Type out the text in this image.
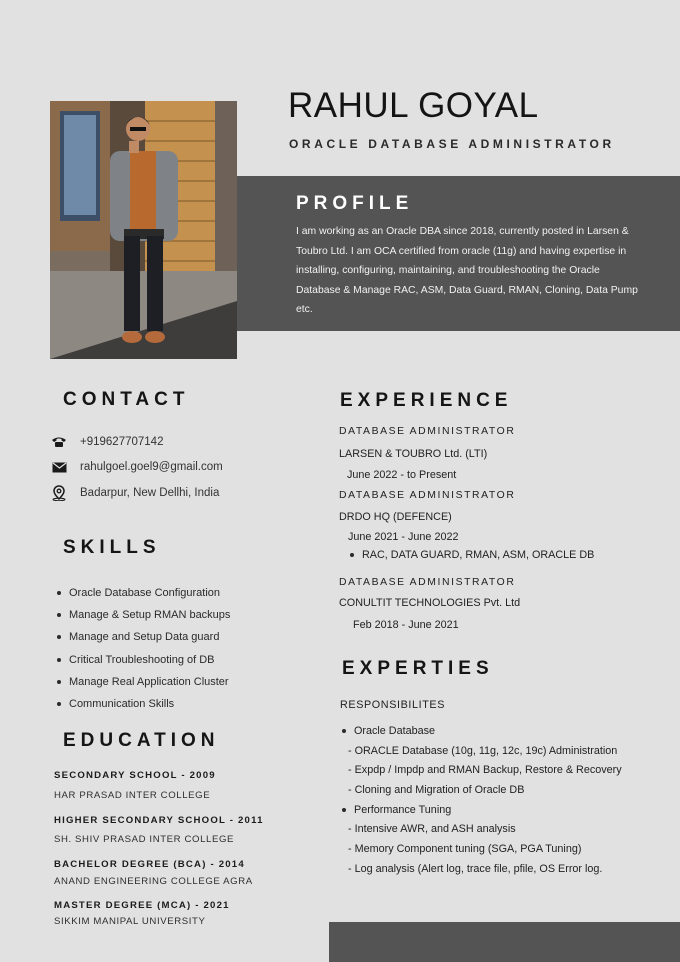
RAHUL GOYAL
ORACLE DATABASE ADMINISTRATOR
PROFILE
I am working as an Oracle DBA since 2018, currently posted in Larsen & Toubro Ltd. I am OCA certified from oracle (11g) and having expertise in installing, configuring, maintaining, and troubleshooting the Oracle Database & Manage RAC, ASM, Data Guard, RMAN, Cloning, Data Pump etc.
CONTACT
+919627707142
rahulgoel.goel9@gmail.com
Badarpur, New Dellhi, India
SKILLS
Oracle Database Configuration
Manage & Setup RMAN backups
Manage and Setup Data guard
Critical Troubleshooting of DB
Manage Real Application Cluster
Communication Skills
EDUCATION
SECONDARY SCHOOL - 2009
HAR PRASAD INTER COLLEGE
HIGHER SECONDARY SCHOOL - 2011
SH. SHIV PRASAD INTER COLLEGE
BACHELOR DEGREE (BCA) - 2014
ANAND ENGINEERING COLLEGE AGRA
MASTER DEGREE (MCA) - 2021
SIKKIM MANIPAL UNIVERSITY
EXPERIENCE
DATABASE ADMINISTRATOR
LARSEN & TOUBRO Ltd. (LTI)
June 2022 - to Present
DATABASE ADMINISTRATOR
DRDO HQ (DEFENCE)
June 2021 - June 2022
RAC, DATA GUARD, RMAN, ASM, ORACLE DB
DATABASE ADMINISTRATOR
CONULTIT TECHNOLOGIES Pvt. Ltd
Feb 2018 - June 2021
EXPERTIES
RESPONSIBILITES
Oracle Database
- ORACLE Database (10g, 11g, 12c, 19c) Administration
- Expdp / Impdp and RMAN Backup, Restore & Recovery
- Cloning and Migration of Oracle DB
Performance Tuning
- Intensive AWR, and ASH analysis
- Memory Component tuning (SGA, PGA Tuning)
- Log analysis (Alert log, trace file, pfile, OS Error log.
